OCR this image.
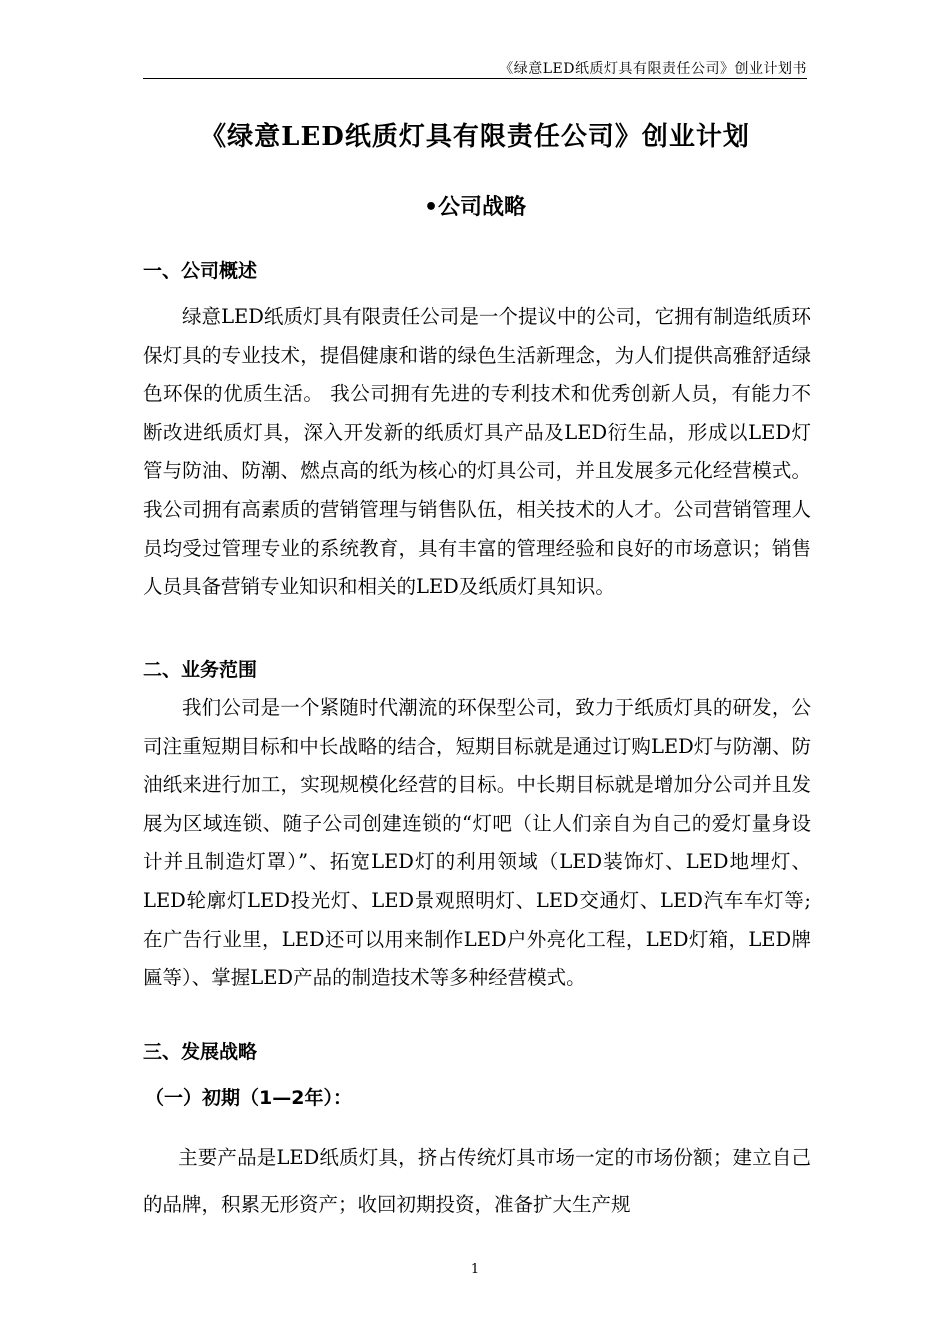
《绿意LED纸质灯具有限责任公司》创业计划书
《绿意LED纸质灯具有限责任公司》创业计划
•公司战略
一、公司概述
绿意LED纸质灯具有限责任公司是一个提议中的公司，它拥有制造纸质环保灯具的专业技术，提倡健康和谐的绿色生活新理念，为人们提供高雅舒适绿色环保的优质生活。 我公司拥有先进的专利技术和优秀创新人员，有能力不断改进纸质灯具，深入开发新的纸质灯具产品及LED衍生品，形成以LED灯管与防油、防潮、燃点高的纸为核心的灯具公司，并且发展多元化经营模式。我公司拥有高素质的营销管理与销售队伍，相关技术的人才。公司营销管理人员均受过管理专业的系统教育，具有丰富的管理经验和良好的市场意识；销售人员具备营销专业知识和相关的LED及纸质灯具知识。
二、业务范围
我们公司是一个紧随时代潮流的环保型公司，致力于纸质灯具的研发，公司注重短期目标和中长战略的结合，短期目标就是通过订购LED灯与防潮、防油纸来进行加工，实现规模化经营的目标。中长期目标就是增加分公司并且发展为区域连锁、随子公司创建连锁的“灯吧（让人们亲自为自己的爱灯量身设计并且制造灯罩）”、拓宽LED灯的利用领域（LED装饰灯、LED地埋灯、LED轮廓灯LED投光灯、LED景观照明灯、LED交通灯、LED汽车车灯等;在广告行业里，LED还可以用来制作LED户外亮化工程，LED灯箱，LED牌匾等）、掌握LED产品的制造技术等多种经营模式。
三、发展战略
（一）初期（1—2年）：
主要产品是LED纸质灯具，挤占传统灯具市场一定的市场份额；建立自己的品牌，积累无形资产；收回初期投资，准备扩大生产规
1
